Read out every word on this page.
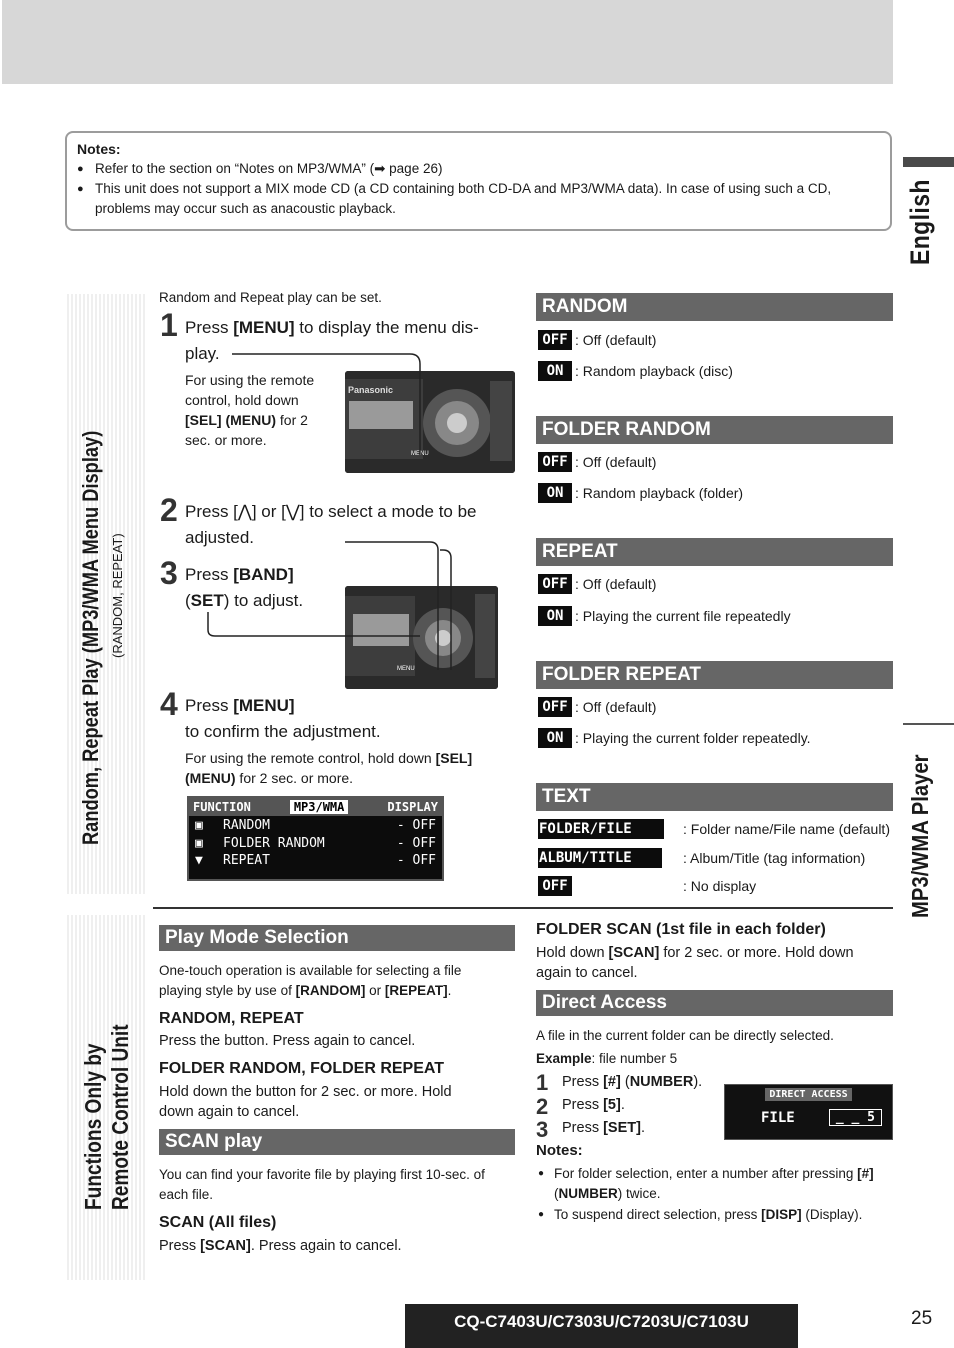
Notes:
● Refer to the section on “Notes on MP3/WMA” (➡ page 26)
● This unit does not support a MIX mode CD (a CD containing both CD-DA and MP3/WMA data). In case of using such a CD, problems may occur such as anacoustic playback.	English
MP3/WMA Player
Random, Repeat Play (MP3/WMA Menu Display) (RANDOM, REPEAT)
Functions Only by Remote Control Unit
Random and Repeat play can be set.
1 Press [MENU] to display the menu dis-
play.
For using the remote
control, hold down
[SEL] (MENU) for 2
sec. or more.
Panasonic
MENU
2 Press [⋀] or [⋁] to select a mode to be
adjusted.
3 Press [BAND]
(SET) to adjust.
MENU
4 Press [MENU]
to confirm the adjustment.
For using the remote control, hold down [SEL]
(MENU) for 2 sec. or more.
FUNCTION	MP3/WMA	DISPLAY
▣	RANDOM	- OFF
▣	FOLDER RANDOM	- OFF
▼	REPEAT	- OFF
RANDOM
OFF : Off (default)
ON : Random playback (disc)
FOLDER RANDOM
OFF : Off (default)
ON : Random playback (folder)
REPEAT
OFF : Off (default)
ON : Playing the current file repeatedly
FOLDER REPEAT
OFF : Off (default)
ON : Playing the current folder repeatedly.
TEXT
FOLDER/FILE	: Folder name/File name (default)
ALBUM/TITLE	: Album/Title (tag information)
OFF	: No display
Play Mode Selection
One-touch operation is available for selecting a file
playing style by use of [RANDOM] or [REPEAT].
RANDOM, REPEAT
Press the button. Press again to cancel.
FOLDER RANDOM, FOLDER REPEAT
Hold down the button for 2 sec. or more. Hold
down again to cancel.
SCAN play
You can find your favorite file by playing first 10-sec. of
each file.
SCAN (All files)
Press [SCAN]. Press again to cancel.
FOLDER SCAN (1st file in each folder)
Hold down [SCAN] for 2 sec. or more. Hold down
again to cancel.
Direct Access
A file in the current folder can be directly selected.
Example: file number 5
1 Press [#] (NUMBER).
2 Press [5].
3 Press [SET].
DIRECT ACCESS
FILE	_ _ 5
Notes:
● For folder selection, enter a number after pressing [#]
(NUMBER) twice.
● To suspend direct selection, press [DISP] (Display).
CQ-C7403U/C7303U/C7203U/C7103U	25
